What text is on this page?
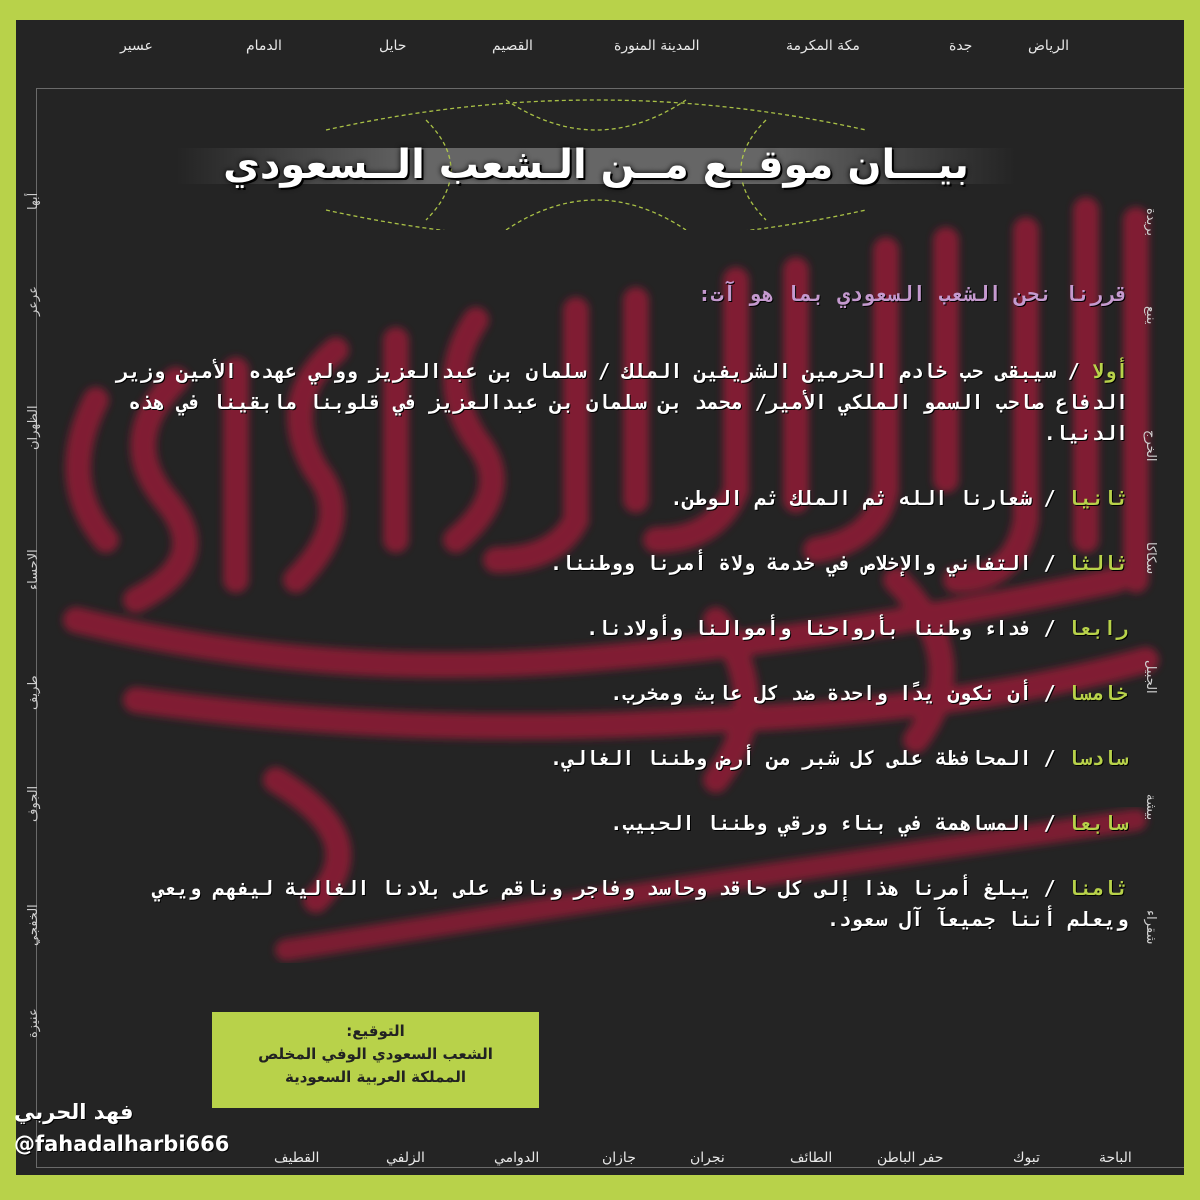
الرياض
جدة
مكة المكرمة
المدينة المنورة
القصيم
حايل
الدمام
عسير
الباحة
تبوك
حفر الباطن
الطائف
نجران
جازان
الدوامي
الزلفي
القطيف
بريدة
ينبع
الخرج
سكاكا
الجبيل
بيشة
شقراء
أبها
عرعر
الظهران
الاحساء
طريف
الجوف
الخفجي
عنيزة
بيـــان موقــع مــن الـشعب الــسعودي
قررنا نحن الشعب السعودي بما هو آت:
أولا / سيبقى حب خادم الحرمين الشريفين الملك / سلمان بن عبدالعزيز وولي عهده الأمين وزير الدفاع صاحب السمو الملكي الأمير/ محمد بن سلمان بن عبدالعزيز في قلوبنا مابقينا في هذه الدنيا.
ثانيا / شعارنا الله ثم الملك ثم الوطن.
ثالثا / التفاني والإخلاص في خدمة ولاة أمرنا ووطننا.
رابعا / فداء وطننا بأرواحنا وأموالنا وأولادنا.
خامسا / أن نكون يدًا واحدة ضد كل عابث ومخرب.
سادسا / المحافظة على كل شبر من أرض وطننا الغالي.
سابعا / المساهمة في بناء ورقي وطننا الحبيب.
ثامنا / يبلغ أمرنا هذا إلى كل حاقد وحاسد وفاجر وناقم على بلادنا الغالية ليفهم ويعي ويعلم أننا جميعآ آل سعود.
التوقيع:
الشعب السعودي الوفي المخلص
المملكة العربية السعودية
فهد الحربي
@fahadalharbi666
